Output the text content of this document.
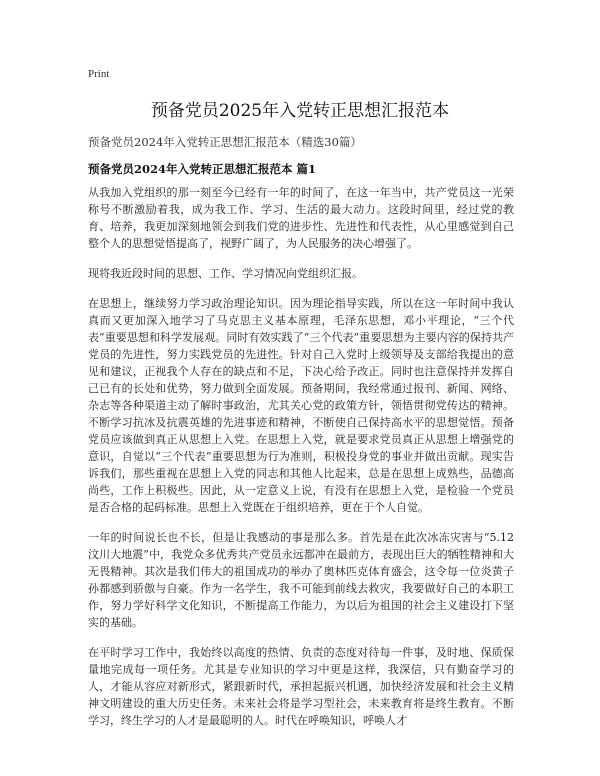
Print
预备党员2025年入党转正思想汇报范本
预备党员2024年入党转正思想汇报范本（精选30篇）
预备党员2024年入党转正思想汇报范本 篇1

从我加入党组织的那一刻至今已经有一年的时间了，在这一年当中，共产党员这一光荣称号不断激励着我，成为我工作、学习、生活的最大动力。这段时间里，经过党的教育、培养，我更加深刻地领会到我们党的进步性、先进性和代表性，从心里感觉到自己整个人的思想觉悟提高了，视野广阔了，为人民服务的决心增强了。

现将我近段时间的思想、工作、学习情况向党组织汇报。

在思想上，继续努力学习政治理论知识。因为理论指导实践，所以在这一年时间中我认真而又更加深入地学习了马克思主义基本原理，毛泽东思想，邓小平理论，“三个代表”重要思想和科学发展观。同时有效实践了“三个代表”重要思想为主要内容的保持共产党员的先进性，努力实践党员的先进性。针对自己入党时上级领导及支部给我提出的意见和建议，正视我个人存在的缺点和不足，下决心给予改正。同时也注意保持并发挥自己已有的长处和优势，努力做到全面发展。预备期间，我经常通过报刊、新闻、网络、杂志等各种渠道主动了解时事政治，尤其关心党的政策方针，领悟贯彻党传达的精神。不断学习抗冰及抗震英雄的先进事迹和精神，不断使自己保持高水平的思想觉悟。预备党员应该做到真正从思想上入党。在思想上入党，就是要求党员真正从思想上增强党的意识，自觉以“三个代表”重要思想为行为准则，积极投身党的事业并做出贡献。现实告诉我们，那些重视在思想上入党的同志和其他人比起来，总是在思想上成熟些，品德高尚些，工作上积极些。因此，从一定意义上说，有没有在思想上入党，是检验一个党员是否合格的起码标准。思想上入党既在于组织培养，更在于个人自觉。

一年的时间说长也不长，但是让我感动的事是那么多。首先是在此次冰冻灾害与“5.12汶川大地震”中，我党众多优秀共产党员永远都冲在最前方，表现出巨大的牺牲精神和大无畏精神。其次是我们伟大的祖国成功的举办了奥林匹克体育盛会，这令每一位炎黄子孙都感到骄傲与自豪。作为一名学生，我不可能到前线去救灾，我要做好自己的本职工作，努力学好科学文化知识，不断提高工作能力，为以后为祖国的社会主义建设打下坚实的基础。

在平时学习工作中，我始终以高度的热情、负责的态度对待每一件事，及时地、保质保量地完成每一项任务。尤其是专业知识的学习中更是这样，我深信，只有勤奋学习的人，才能从容应对新形式，紧跟新时代，承担起振兴机遇，加快经济发展和社会主义精神文明建设的重大历史任务。未来社会将是学习型社会，未来教育将是终生教育。不断学习，终生学习的人才是最聪明的人。时代在呼唤知识，呼唤人才
